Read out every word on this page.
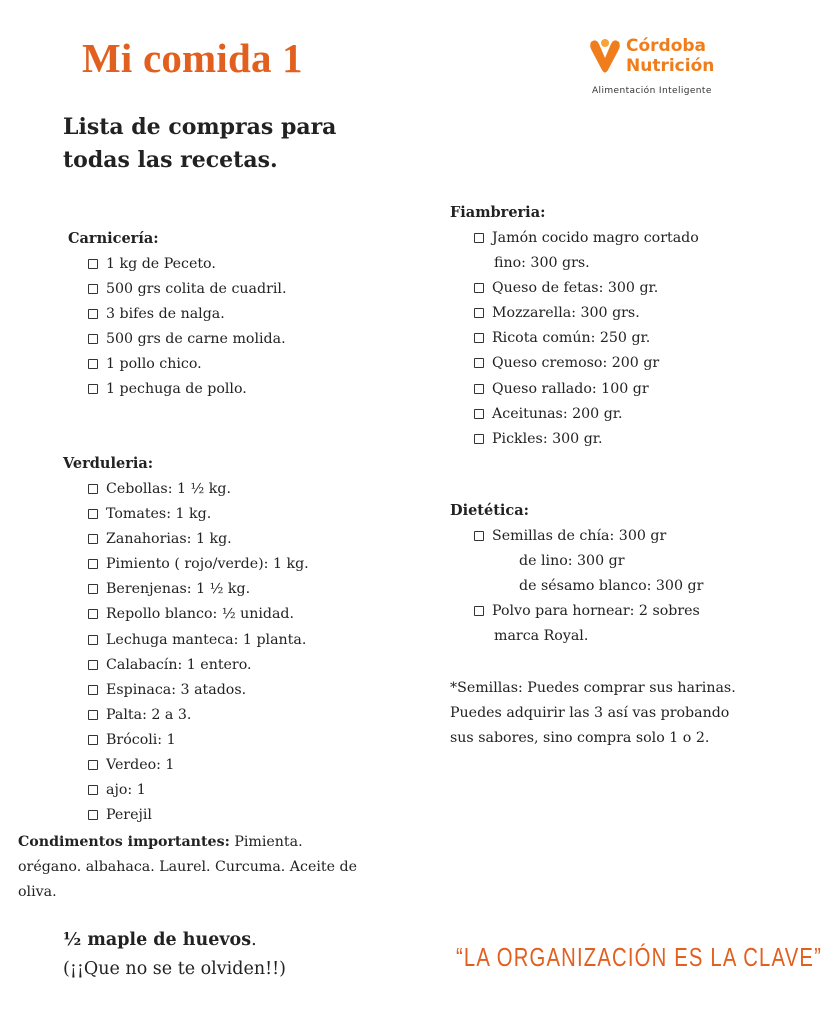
Mi comida 1	Córdoba
Nutrición
Alimentación Inteligente
Lista de compras para todas las recetas.
Carnicería:
1 kg de Peceto.
500 grs colita de cuadril.
3 bifes de nalga.
500 grs de carne molida.
1 pollo chico.
1 pechuga de pollo.
Verduleria:
Cebollas: 1 ½ kg.
Tomates: 1 kg.
Zanahorias: 1 kg.
Pimiento ( rojo/verde): 1 kg.
Berenjenas: 1 ½ kg.
Repollo blanco: ½ unidad.
Lechuga manteca: 1 planta.
Calabacín: 1 entero.
Espinaca: 3 atados.
Palta: 2 a 3.
Brócoli: 1
Verdeo: 1
ajo: 1
Perejil
Condimentos importantes: Pimienta. orégano. albahaca. Laurel. Curcuma. Aceite de oliva.
½ maple de huevos.
(¡¡Que no se te olviden!!)
Fiambreria:
Jamón cocido magro cortado
fino: 300 grs.
Queso de fetas: 300 gr.
Mozzarella: 300 grs.
Ricota común: 250 gr.
Queso cremoso: 200 gr
Queso rallado: 100 gr
Aceitunas: 200 gr.
Pickles: 300 gr.
Dietética:
Semillas de chía: 300 gr
de lino: 300 gr
de sésamo blanco: 300 gr
Polvo para hornear: 2 sobres
marca Royal.
*Semillas: Puedes comprar sus harinas. Puedes adquirir las 3 así vas probando sus sabores, sino compra solo 1 o 2.
“LA ORGANIZACIÓN ES LA CLAVE”
